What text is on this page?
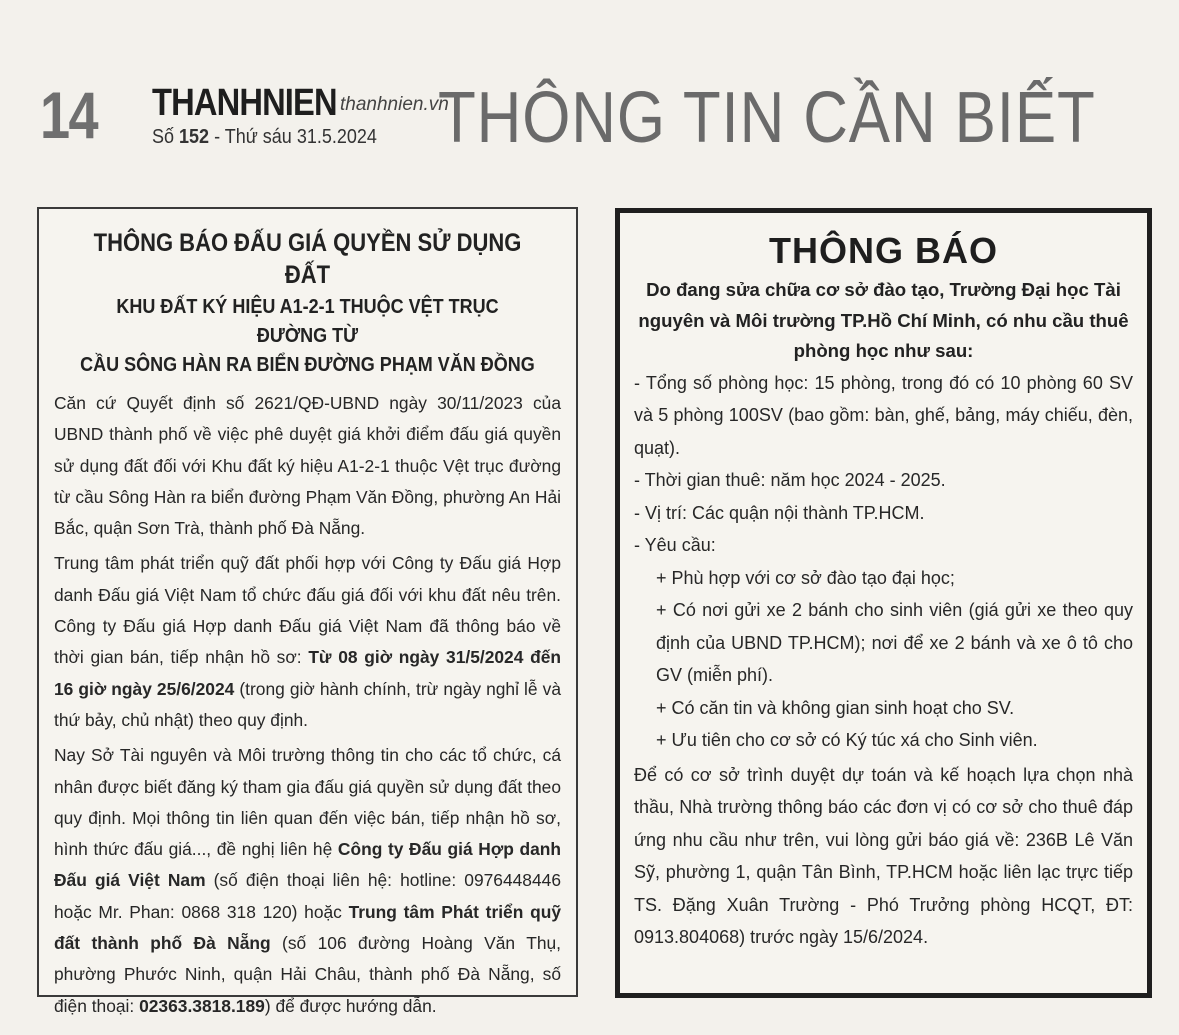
14 THANHNIEN thanhnien.vn
Số 152 - Thứ sáu 31.5.2024 THÔNG TIN CẦN BIẾT
THÔNG BÁO ĐẤU GIÁ QUYỀN SỬ DỤNG ĐẤT
KHU ĐẤT KÝ HIỆU A1-2-1 THUỘC VỆT TRỤC ĐƯỜNG TỪ
CẦU SÔNG HÀN RA BIỂN ĐƯỜNG PHẠM VĂN ĐỒNG

Căn cứ Quyết định số 2621/QĐ-UBND ngày 30/11/2023 của UBND thành phố về việc phê duyệt giá khởi điểm đấu giá quyền sử dụng đất đối với Khu đất ký hiệu A1-2-1 thuộc Vệt trục đường từ cầu Sông Hàn ra biển đường Phạm Văn Đồng, phường An Hải Bắc, quận Sơn Trà, thành phố Đà Nẵng.

Trung tâm phát triển quỹ đất phối hợp với Công ty Đấu giá Hợp danh Đấu giá Việt Nam tổ chức đấu giá đối với khu đất nêu trên. Công ty Đấu giá Hợp danh Đấu giá Việt Nam đã thông báo về thời gian bán, tiếp nhận hồ sơ: Từ 08 giờ ngày 31/5/2024 đến 16 giờ ngày 25/6/2024 (trong giờ hành chính, trừ ngày nghỉ lễ và thứ bảy, chủ nhật) theo quy định.

Nay Sở Tài nguyên và Môi trường thông tin cho các tổ chức, cá nhân được biết đăng ký tham gia đấu giá quyền sử dụng đất theo quy định. Mọi thông tin liên quan đến việc bán, tiếp nhận hồ sơ, hình thức đấu giá..., đề nghị liên hệ Công ty Đấu giá Hợp danh Đấu giá Việt Nam (số điện thoại liên hệ: hotline: 0976448446 hoặc Mr. Phan: 0868 318 120) hoặc Trung tâm Phát triển quỹ đất thành phố Đà Nẵng (số 106 đường Hoàng Văn Thụ, phường Phước Ninh, quận Hải Châu, thành phố Đà Nẵng, số điện thoại: 02363.3818.189) để được hướng dẫn.

THÔNG BÁO
Do đang sửa chữa cơ sở đào tạo, Trường Đại học Tài
nguyên và Môi trường TP.Hồ Chí Minh, có nhu cầu thuê
phòng học như sau:
- Tổng số phòng học: 15 phòng, trong đó có 10 phòng 60 SV và 5 phòng 100SV (bao gồm: bàn, ghế, bảng, máy chiếu, đèn, quạt).
- Thời gian thuê: năm học 2024 - 2025.
- Vị trí: Các quận nội thành TP.HCM.
- Yêu cầu:
+ Phù hợp với cơ sở đào tạo đại học;
+ Có nơi gửi xe 2 bánh cho sinh viên (giá gửi xe theo quy định của UBND TP.HCM); nơi để xe 2 bánh và xe ô tô cho GV (miễn phí).
+ Có căn tin và không gian sinh hoạt cho SV.
+ Ưu tiên cho cơ sở có Ký túc xá cho Sinh viên.
Để có cơ sở trình duyệt dự toán và kế hoạch lựa chọn nhà thầu, Nhà trường thông báo các đơn vị có cơ sở cho thuê đáp ứng nhu cầu như trên, vui lòng gửi báo giá về: 236B Lê Văn Sỹ, phường 1, quận Tân Bình, TP.HCM hoặc liên lạc trực tiếp TS. Đặng Xuân Trường - Phó Trưởng phòng HCQT, ĐT: 0913.804068) trước ngày 15/6/2024.
